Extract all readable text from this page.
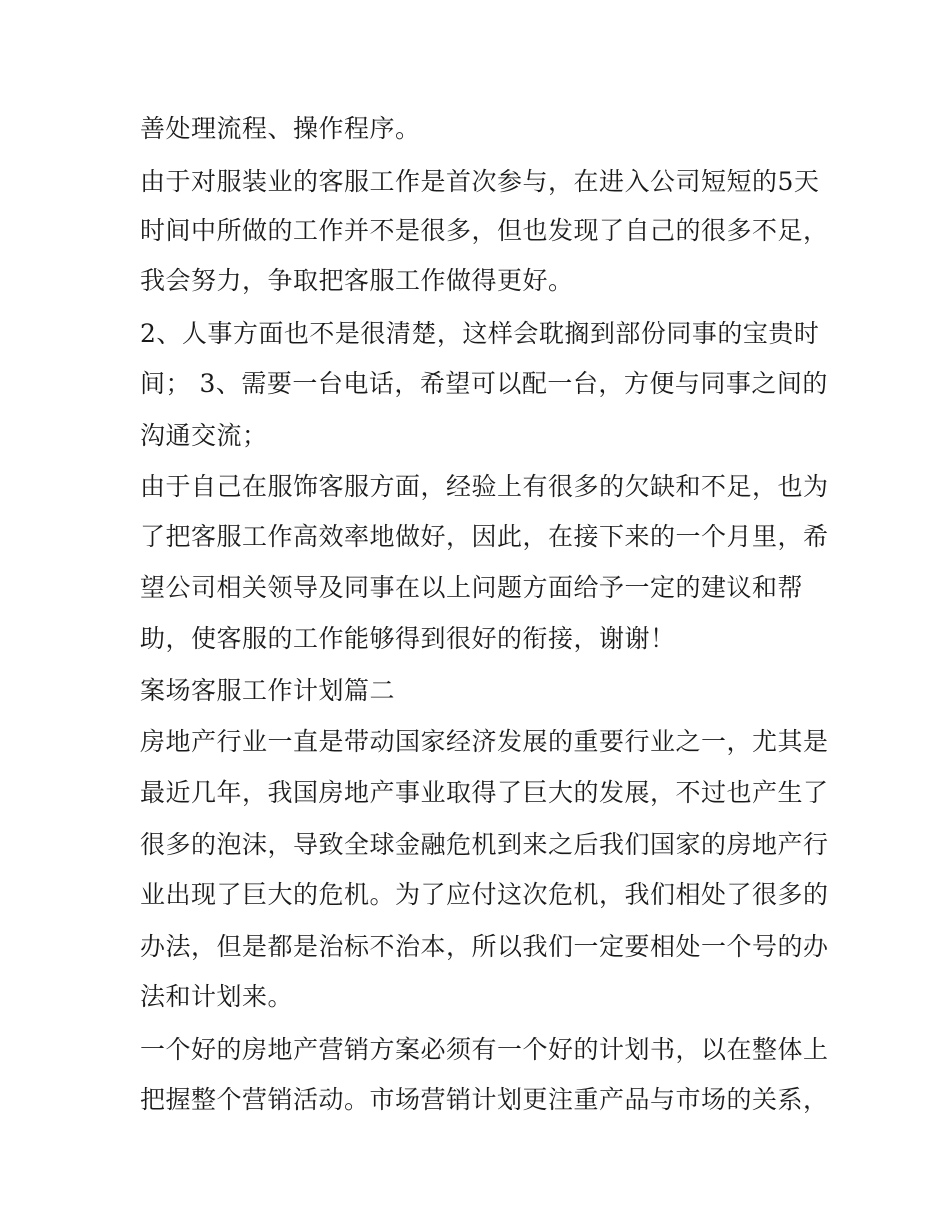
善处理流程、操作程序。
由于对服装业的客服工作是首次参与，在进入公司短短的5天
时间中所做的工作并不是很多，但也发现了自己的很多不足，
我会努力，争取把客服工作做得更好。
2、人事方面也不是很清楚，这样会耽搁到部份同事的宝贵时
间； 3、需要一台电话，希望可以配一台，方便与同事之间的
沟通交流；
由于自己在服饰客服方面，经验上有很多的欠缺和不足，也为
了把客服工作高效率地做好，因此，在接下来的一个月里，希
望公司相关领导及同事在以上问题方面给予一定的建议和帮
助，使客服的工作能够得到很好的衔接，谢谢！
案场客服工作计划篇二
房地产行业一直是带动国家经济发展的重要行业之一，尤其是
最近几年，我国房地产事业取得了巨大的发展，不过也产生了
很多的泡沫，导致全球金融危机到来之后我们国家的房地产行
业出现了巨大的危机。为了应付这次危机，我们相处了很多的
办法，但是都是治标不治本，所以我们一定要相处一个号的办
法和计划来。
一个好的房地产营销方案必须有一个好的计划书，以在整体上
把握整个营销活动。市场营销计划更注重产品与市场的关系，
